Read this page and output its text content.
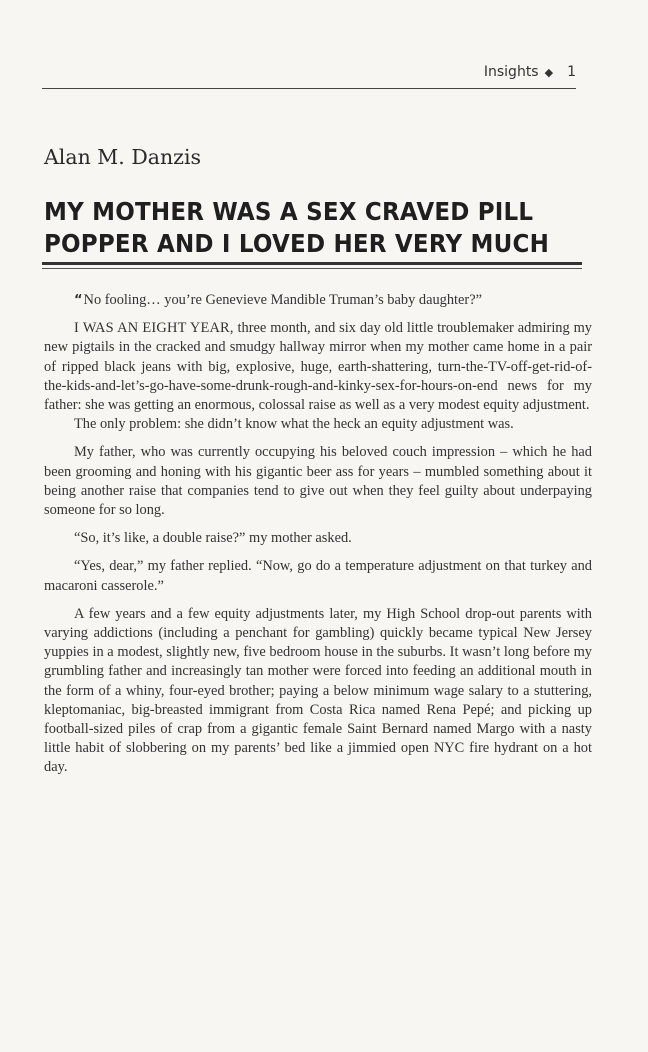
Insights ◆ 1
Alan M. Danzis
MY MOTHER WAS A SEX CRAVED PILL POPPER AND I LOVED HER VERY MUCH

“ No fooling… you’re Genevieve Mandible Truman’s baby daughter?”

I WAS AN EIGHT YEAR, three month, and six day old little troublemaker admiring my new pigtails in the cracked and smudgy hallway mirror when my mother came home in a pair of ripped black jeans with big, explosive, huge, earth-shattering, turn-the-TV-off-get-rid-of-the-kids-and-let’s-go-have-some-drunk-rough-and-kinky-sex-for-hours-on-end news for my father: she was getting an enormous, colossal raise as well as a very modest equity adjustment.

The only problem: she didn’t know what the heck an equity adjustment was.

My father, who was currently occupying his beloved couch impression – which he had been grooming and honing with his gigantic beer ass for years – mumbled something about it being another raise that companies tend to give out when they feel guilty about underpaying someone for so long.

“So, it’s like, a double raise?” my mother asked.

“Yes, dear,” my father replied. “Now, go do a temperature adjustment on that turkey and macaroni casserole.”

A few years and a few equity adjustments later, my High School drop-out parents with varying addictions (including a penchant for gambling) quickly became typical New Jersey yuppies in a modest, slightly new, five bedroom house in the suburbs. It wasn’t long before my grumbling father and increasingly tan mother were forced into feeding an additional mouth in the form of a whiny, four-eyed brother; paying a below minimum wage salary to a stuttering, kleptomaniac, big-breasted immigrant from Costa Rica named Rena Pepé; and picking up football-sized piles of crap from a gigantic female Saint Bernard named Margo with a nasty little habit of slobbering on my parents’ bed like a jimmied open NYC fire hydrant on a hot day.
